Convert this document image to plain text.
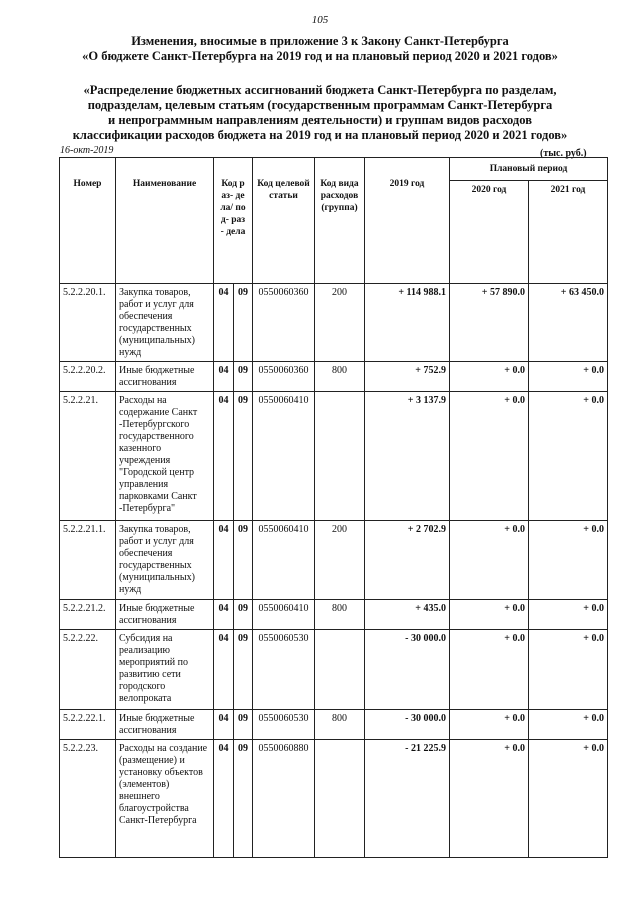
105
Изменения, вносимые в приложение 3 к Закону Санкт-Петербурга
«О бюджете Санкт-Петербурга на 2019 год и на плановый период 2020 и 2021 годов»
«Распределение бюджетных ассигнований бюджета Санкт-Петербурга по разделам,
подразделам, целевым статьям (государственным программам Санкт-Петербурга
и непрограммным направлениям деятельности) и группам видов расходов
классификации расходов бюджета на 2019 год и на плановый период 2020 и 2021 годов»
16-окт-2019	(тыс. руб.)
Номер	Наименование	Код раз- дела/ под- раз- дела		Код целевой статьи	Код вида расходов (группа)	2019 год	Плановый период	
							2020 год	2021 год
5.2.2.20.1.	Закупка товаров, работ и услуг для обеспечения государственных (муниципальных) нужд	04	09	0550060360	200	+ 114 988.1	+ 57 890.0	+ 63 450.0
5.2.2.20.2.	Иные бюджетные ассигнования	04	09	0550060360	800	+ 752.9	+ 0.0	+ 0.0
5.2.2.21.	Расходы на содержание Санкт -Петербургского государственного казенного учреждения "Городской центр управления парковками Санкт -Петербурга"	04	09	0550060410		+ 3 137.9	+ 0.0	+ 0.0
5.2.2.21.1.	Закупка товаров, работ и услуг для обеспечения государственных (муниципальных) нужд	04	09	0550060410	200	+ 2 702.9	+ 0.0	+ 0.0
5.2.2.21.2.	Иные бюджетные ассигнования	04	09	0550060410	800	+ 435.0	+ 0.0	+ 0.0
5.2.2.22.	Субсидия на реализацию мероприятий по развитию сети городского велопроката	04	09	0550060530		- 30 000.0	+ 0.0	+ 0.0
5.2.2.22.1.	Иные бюджетные ассигнования	04	09	0550060530	800	- 30 000.0	+ 0.0	+ 0.0
5.2.2.23.	Расходы на создание (размещение) и установку объектов (элементов) внешнего благоустройства Санкт-Петербурга	04	09	0550060880		- 21 225.9	+ 0.0	+ 0.0
